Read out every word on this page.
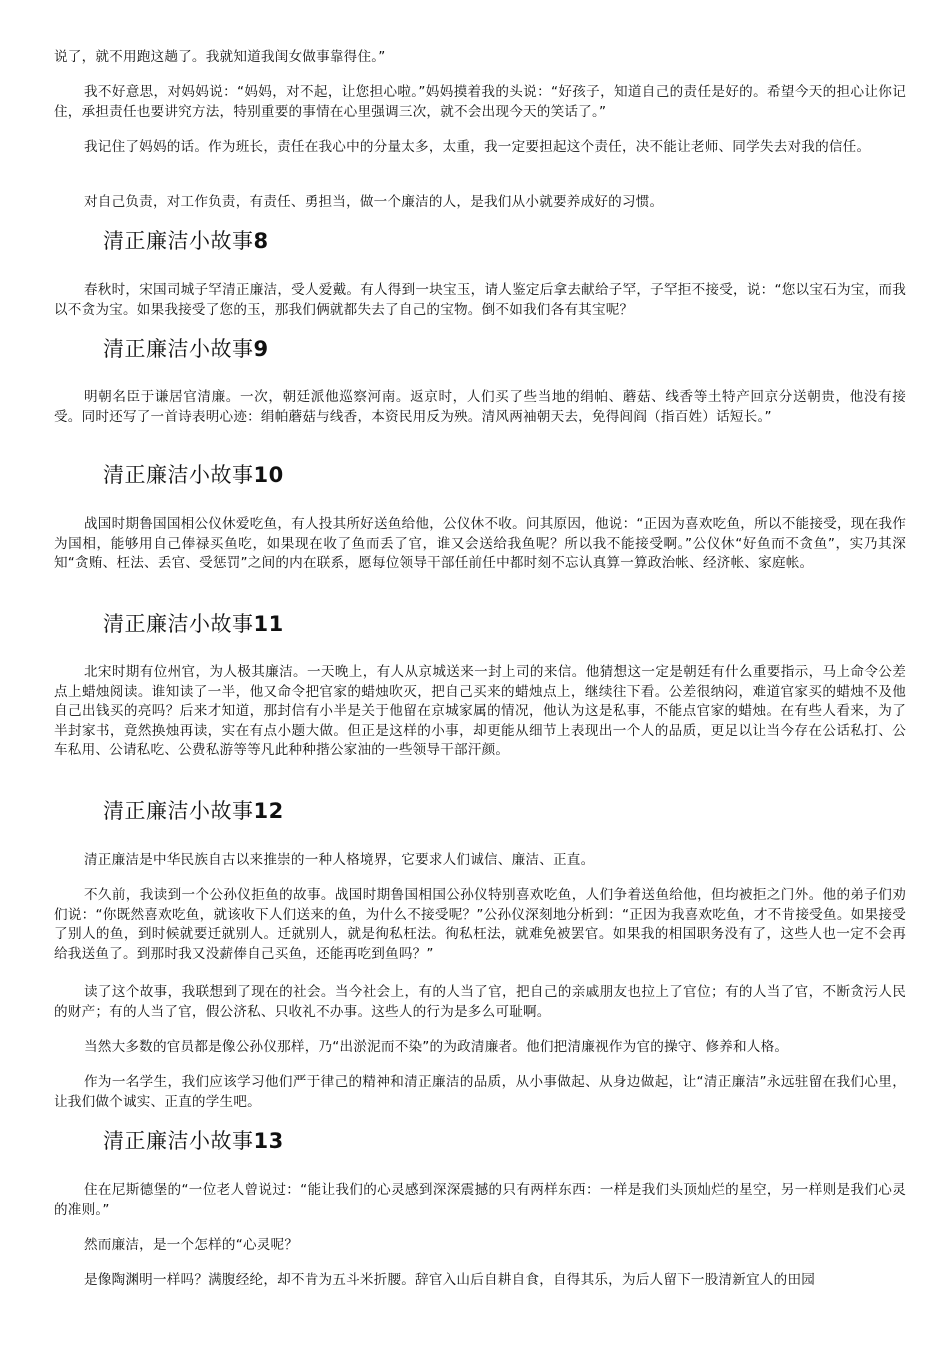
说了，就不用跑这趟了。我就知道我闺女做事靠得住。”

我不好意思，对妈妈说：“妈妈，对不起，让您担心啦。”妈妈摸着我的头说：“好孩子，知道自己的责任是好的。希望今天的担心让你记住，承担责任也要讲究方法，特别重要的事情在心里强调三次，就不会出现今天的笑话了。”

我记住了妈妈的话。作为班长，责任在我心中的分量太多，太重，我一定要担起这个责任，决不能让老师、同学失去对我的信任。

对自己负责，对工作负责，有责任、勇担当，做一个廉洁的人，是我们从小就要养成好的习惯。

清正廉洁小故事8

春秋时，宋国司城子罕清正廉洁，受人爱戴。有人得到一块宝玉，请人鉴定后拿去献给子罕，子罕拒不接受，说：“您以宝石为宝，而我以不贪为宝。如果我接受了您的玉，那我们俩就都失去了自己的宝物。倒不如我们各有其宝呢？

清正廉洁小故事9

明朝名臣于谦居官清廉。一次，朝廷派他巡察河南。返京时，人们买了些当地的绢帕、蘑菇、线香等土特产回京分送朝贵，他没有接受。同时还写了一首诗表明心迹：绢帕蘑菇与线香，本资民用反为殃。清风两袖朝天去，免得闾阎（指百姓）话短长。”

清正廉洁小故事10

战国时期鲁国国相公仪休爱吃鱼，有人投其所好送鱼给他，公仪休不收。问其原因，他说：“正因为喜欢吃鱼，所以不能接受，现在我作为国相，能够用自己俸禄买鱼吃，如果现在收了鱼而丢了官，谁又会送给我鱼呢？所以我不能接受啊。”公仪休“好鱼而不贪鱼”，实乃其深知“贪贿、枉法、丢官、受惩罚”之间的内在联系，愿每位领导干部任前任中都时刻不忘认真算一算政治帐、经济帐、家庭帐。

清正廉洁小故事11

北宋时期有位州官，为人极其廉洁。一天晚上，有人从京城送来一封上司的来信。他猜想这一定是朝廷有什么重要指示，马上命令公差点上蜡烛阅读。谁知读了一半，他又命令把官家的蜡烛吹灭，把自己买来的蜡烛点上，继续往下看。公差很纳闷，难道官家买的蜡烛不及他自己出钱买的亮吗？后来才知道，那封信有小半是关于他留在京城家属的情况，他认为这是私事，不能点官家的蜡烛。在有些人看来，为了半封家书，竟然换烛再读，实在有点小题大做。但正是这样的小事，却更能从细节上表现出一个人的品质，更足以让当今存在公话私打、公车私用、公请私吃、公费私游等等凡此种种揩公家油的一些领导干部汗颜。

清正廉洁小故事12

清正廉洁是中华民族自古以来推崇的一种人格境界，它要求人们诚信、廉洁、正直。

不久前，我读到一个公孙仪拒鱼的故事。战国时期鲁国相国公孙仪特别喜欢吃鱼，人们争着送鱼给他，但均被拒之门外。他的弟子们劝们说：“你既然喜欢吃鱼，就该收下人们送来的鱼，为什么不接受呢？”公孙仪深刻地分析到：“正因为我喜欢吃鱼，才不肯接受鱼。如果接受了别人的鱼，到时候就要迁就别人。迁就别人，就是徇私枉法。徇私枉法，就难免被罢官。如果我的相国职务没有了，这些人也一定不会再给我送鱼了。到那时我又没薪俸自己买鱼，还能再吃到鱼吗？”

读了这个故事，我联想到了现在的社会。当今社会上，有的人当了官，把自己的亲戚朋友也拉上了官位；有的人当了官，不断贪污人民的财产；有的人当了官，假公济私、只收礼不办事。这些人的行为是多么可耻啊。

当然大多数的官员都是像公孙仪那样，乃“出淤泥而不染”的为政清廉者。他们把清廉视作为官的操守、修养和人格。

作为一名学生，我们应该学习他们严于律己的精神和清正廉洁的品质，从小事做起、从身边做起，让“清正廉洁”永远驻留在我们心里，让我们做个诚实、正直的学生吧。

清正廉洁小故事13

住在尼斯德堡的“一位老人曾说过：“能让我们的心灵感到深深震撼的只有两样东西：一样是我们头顶灿烂的星空，另一样则是我们心灵的准则。”

然而廉洁，是一个怎样的“心灵呢？

是像陶渊明一样吗？满腹经纶，却不肯为五斗米折腰。辞官入山后自耕自食，自得其乐，为后人留下一股清新宜人的田园
